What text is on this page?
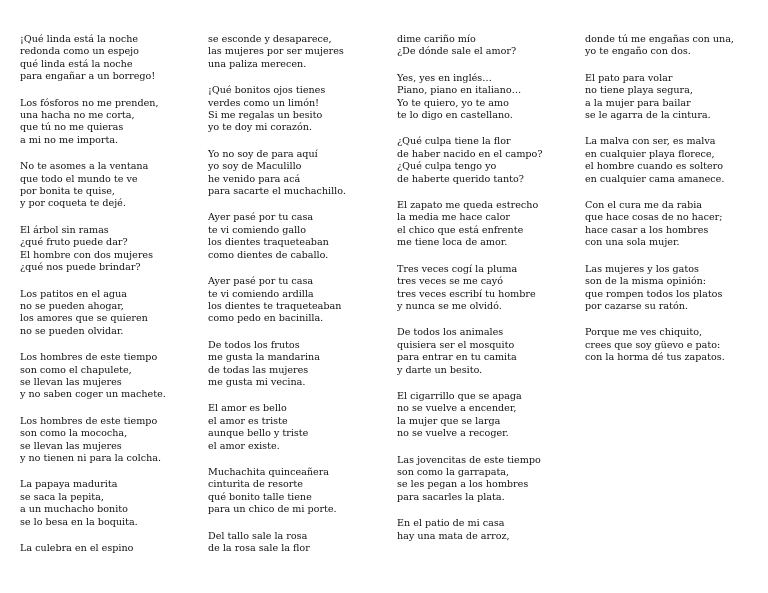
¡Qué linda está la noche
redonda como un espejo
qué linda está la noche
para engañar a un borrego!
Los fósforos no me prenden,
una hacha no me corta,
que tú no me quieras
a mi no me importa.
No te asomes a la ventana
que todo el mundo te ve
por bonita te quise,
y por coqueta te dejé.
El árbol sin ramas
¿qué fruto puede dar?
El hombre con dos mujeres
¿qué nos puede brindar?
Los patitos en el agua
no se pueden ahogar,
los amores que se quieren
no se pueden olvidar.
Los hombres de este tiempo
son como el chapulete,
se llevan las mujeres
y no saben coger un machete.
Los hombres de este tiempo
son como la mococha,
se llevan las mujeres
y no tienen ni para la colcha.
La papaya madurita
se saca la pepita,
a un muchacho bonito
se lo besa en la boquita.
La culebra en el espino
se esconde y desaparece,
las mujeres por ser mujeres
una paliza merecen.
¡Qué bonitos ojos tienes
verdes como un limón!
Si me regalas un besito
yo te doy mi corazón.
Yo no soy de para aquí
yo soy de Maculillo
he venido para acá
para sacarte el muchachillo.
Ayer pasé por tu casa
te vi comiendo gallo
los dientes traqueteaban
como dientes de caballo.
Ayer pasé por tu casa
te vi comiendo ardilla
los dientes te traqueteaban
como pedo en bacinilla.
De todos los frutos
me gusta la mandarina
de todas las mujeres
me gusta mi vecina.
El amor es bello
el amor es triste
aunque bello y triste
el amor existe.
Muchachita quinceañera
cinturita de resorte
qué bonito talle tiene
para un chico de mi porte.
Del tallo sale la rosa
de la rosa sale la flor
dime cariño mío
¿De dónde sale el amor?
Yes, yes en inglés…
Piano, piano en italiano…
Yo te quiero, yo te amo
te lo digo en castellano.
¿Qué culpa tiene la flor
de haber nacido en el campo?
¿Qué culpa tengo yo
de haberte querido tanto?
El zapato me queda estrecho
la media me hace calor
el chico que está enfrente
me tiene loca de amor.
Tres veces cogí la pluma
tres veces se me cayó
tres veces escribí tu hombre
y nunca se me olvidó.
De todos los animales
quisiera ser el mosquito
para entrar en tu camita
y darte un besito.
El cigarrillo que se apaga
no se vuelve a encender,
la mujer que se larga
no se vuelve a recoger.
Las jovencitas de este tiempo
son como la garrapata,
se les pegan a los hombres
para sacarles la plata.
En el patio de mi casa
hay una mata de arroz,
donde tú me engañas con una,
yo te engaño con dos.
El pato para volar
no tiene playa segura,
a la mujer para bailar
se le agarra de la cintura.
La malva con ser, es malva
en cualquier playa florece,
el hombre cuando es soltero
en cualquier cama amanece.
Con el cura me da rabia
que hace cosas de no hacer;
hace casar a los hombres
con una sola mujer.
Las mujeres y los gatos
son de la misma opinión:
que rompen todos los platos
por cazarse su ratón.
Porque me ves chiquito,
crees que soy güevo e pato:
con la horma dé tus zapatos.
